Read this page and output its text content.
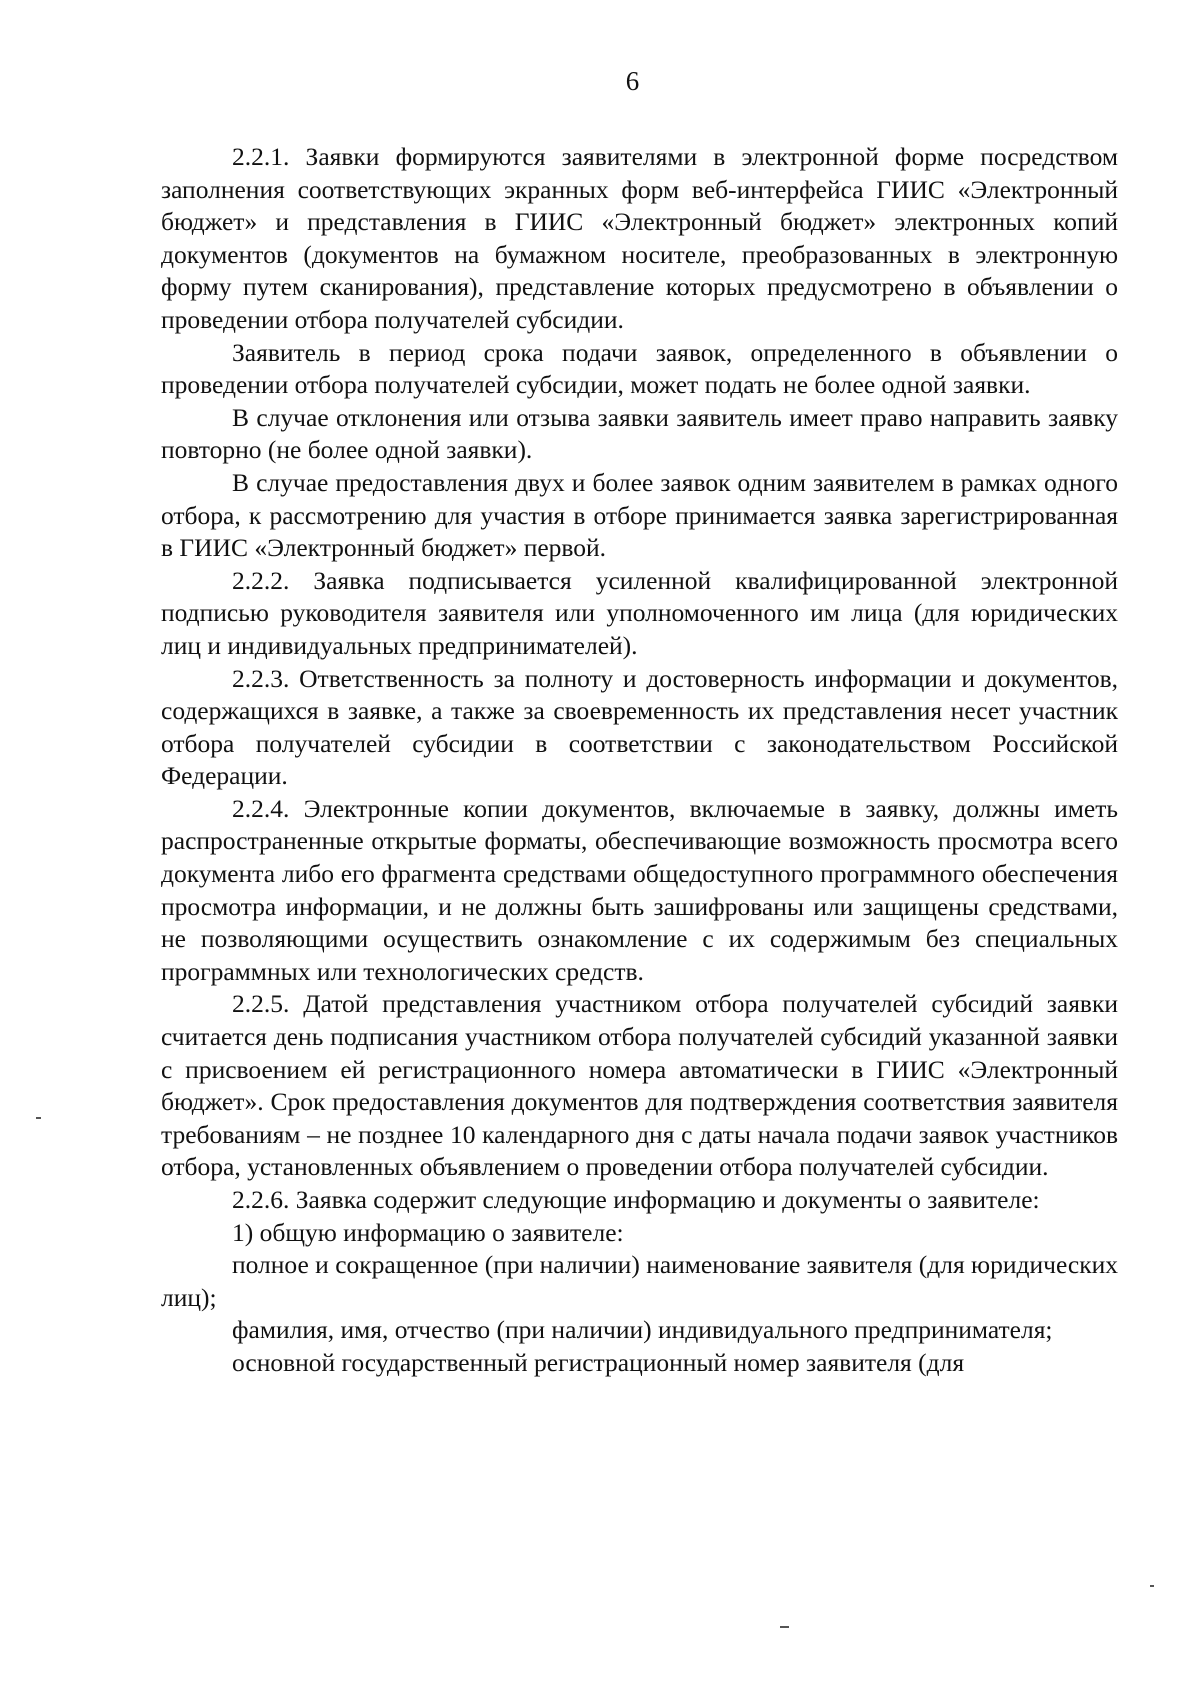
6

2.2.1. Заявки формируются заявителями в электронной форме посредством заполнения соответствующих экранных форм веб-интерфейса ГИИС «Электронный бюджет» и представления в ГИИС «Электронный бюджет» электронных копий документов (документов на бумажном носителе, преобразованных в электронную форму путем сканирования), представление которых предусмотрено в объявлении о проведении отбора получателей субсидии.

Заявитель в период срока подачи заявок, определенного в объявлении о проведении отбора получателей субсидии, может подать не более одной заявки.

В случае отклонения или отзыва заявки заявитель имеет право направить заявку повторно (не более одной заявки).

В случае предоставления двух и более заявок одним заявителем в рамках одного отбора, к рассмотрению для участия в отборе принимается заявка зарегистрированная в ГИИС «Электронный бюджет» первой.

2.2.2. Заявка подписывается усиленной квалифицированной электронной подписью руководителя заявителя или уполномоченного им лица (для юридических лиц и индивидуальных предпринимателей).

2.2.3. Ответственность за полноту и достоверность информации и документов, содержащихся в заявке, а также за своевременность их представления несет участник отбора получателей субсидии в соответствии с законодательством Российской Федерации.

2.2.4. Электронные копии документов, включаемые в заявку, должны иметь распространенные открытые форматы, обеспечивающие возможность просмотра всего документа либо его фрагмента средствами общедоступного программного обеспечения просмотра информации, и не должны быть зашифрованы или защищены средствами, не позволяющими осуществить ознакомление с их содержимым без специальных программных или технологических средств.

2.2.5. Датой представления участником отбора получателей субсидий заявки считается день подписания участником отбора получателей субсидий указанной заявки с присвоением ей регистрационного номера автоматически в ГИИС «Электронный бюджет». Срок предоставления документов для подтверждения соответствия заявителя требованиям – не позднее 10 календарного дня с даты начала подачи заявок участников отбора, установленных объявлением о проведении отбора получателей субсидии.

2.2.6. Заявка содержит следующие информацию и документы о заявителе:

1) общую информацию о заявителе:

полное и сокращенное (при наличии) наименование заявителя (для юридических лиц);

фамилия, имя, отчество (при наличии) индивидуального предпринимателя;

основной государственный регистрационный номер заявителя (для
